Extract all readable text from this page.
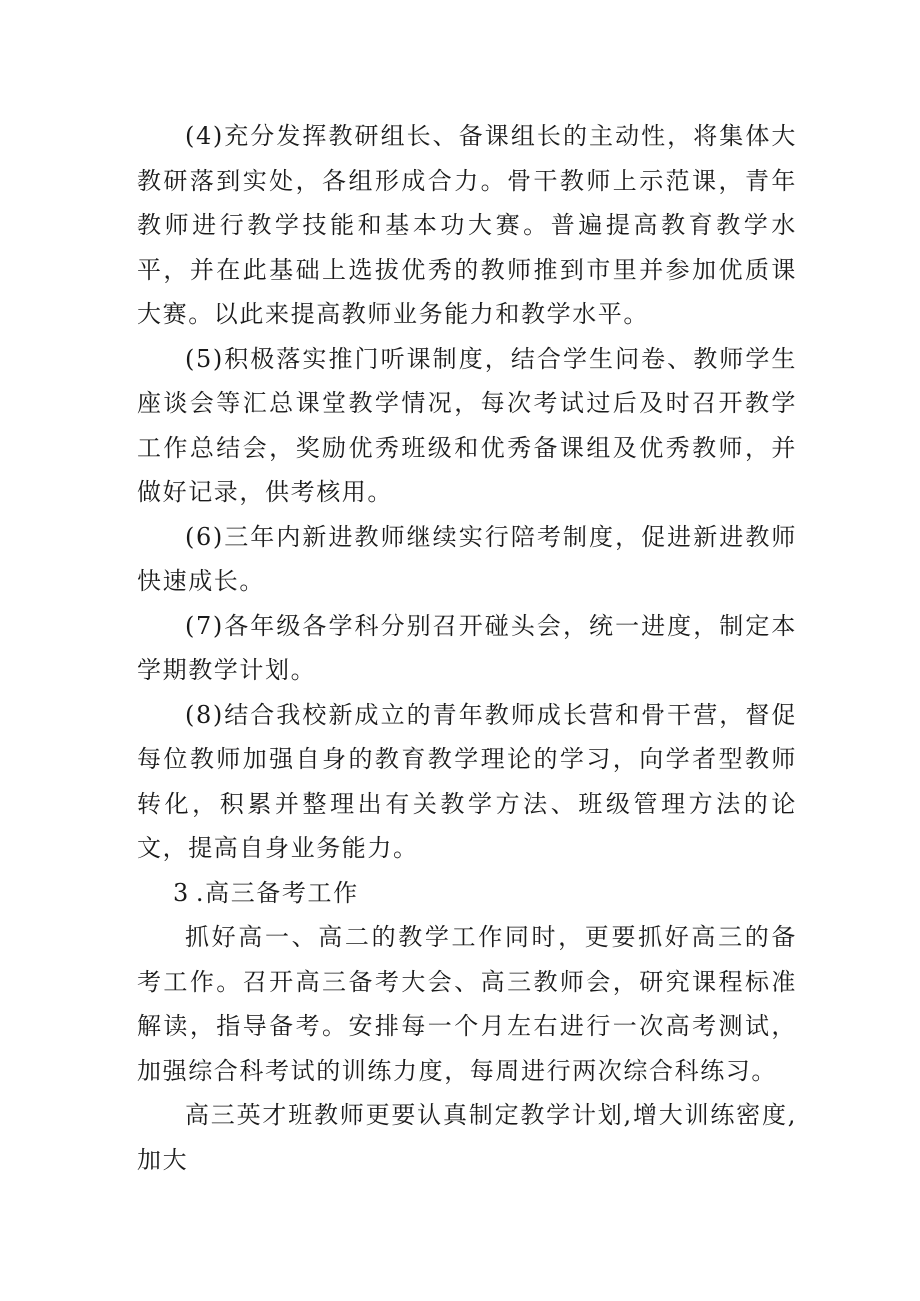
(4)充分发挥教研组长、备课组长的主动性，将集体大教研落到实处，各组形成合力。骨干教师上示范课，青年教师进行教学技能和基本功大赛。普遍提高教育教学水平，并在此基础上选拔优秀的教师推到市里并参加优质课大赛。以此来提高教师业务能力和教学水平。

(5)积极落实推门听课制度，结合学生问卷、教师学生座谈会等汇总课堂教学情况，每次考试过后及时召开教学工作总结会，奖励优秀班级和优秀备课组及优秀教师，并做好记录，供考核用。

(6)三年内新进教师继续实行陪考制度，促进新进教师快速成长。

(7)各年级各学科分别召开碰头会，统一进度，制定本学期教学计划。

(8)结合我校新成立的青年教师成长营和骨干营，督促每位教师加强自身的教育教学理论的学习，向学者型教师转化，积累并整理出有关教学方法、班级管理方法的论文，提高自身业务能力。

3 .高三备考工作

抓好高一、高二的教学工作同时，更要抓好高三的备考工作。召开高三备考大会、高三教师会，研究课程标准解读，指导备考。安排每一个月左右进行一次高考测试，加强综合科考试的训练力度，每周进行两次综合科练习。

高三英才班教师更要认真制定教学计划,增大训练密度,加大
